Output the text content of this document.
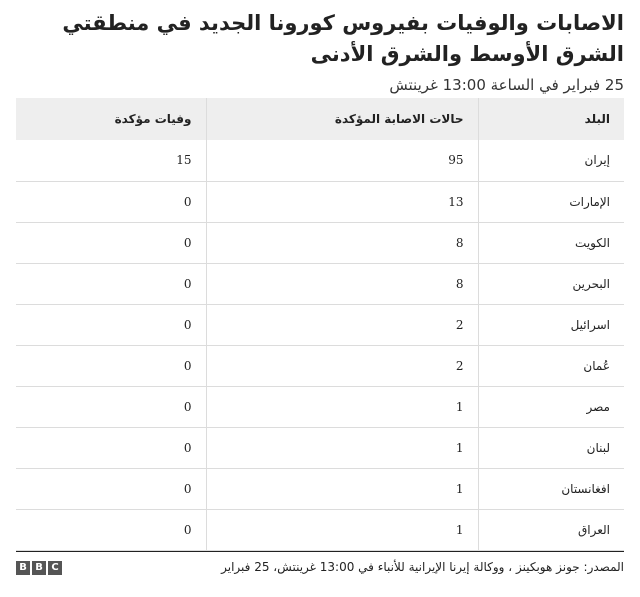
الاصابات والوفيات بفيروس كورونا الجديد في منطقتي الشرق الأوسط والشرق الأدنى
25 فبراير في الساعة 13:00 غرينتش
البلد	حالات الاصابة المؤكدة	وفيات مؤكدة
إيران	95	15
الإمارات	13	0
الكويت	8	0
البحرين	8	0
اسرائيل	2	0
عُمان	2	0
مصر	1	0
لبنان	1	0
افغانستان	1	0
العراق	1	0
المصدر: جونز هوبكينز ، ووكالة إيرنا الإيرانية للأنباء في 13:00 غرينتش، 25 فبراير
B B C
